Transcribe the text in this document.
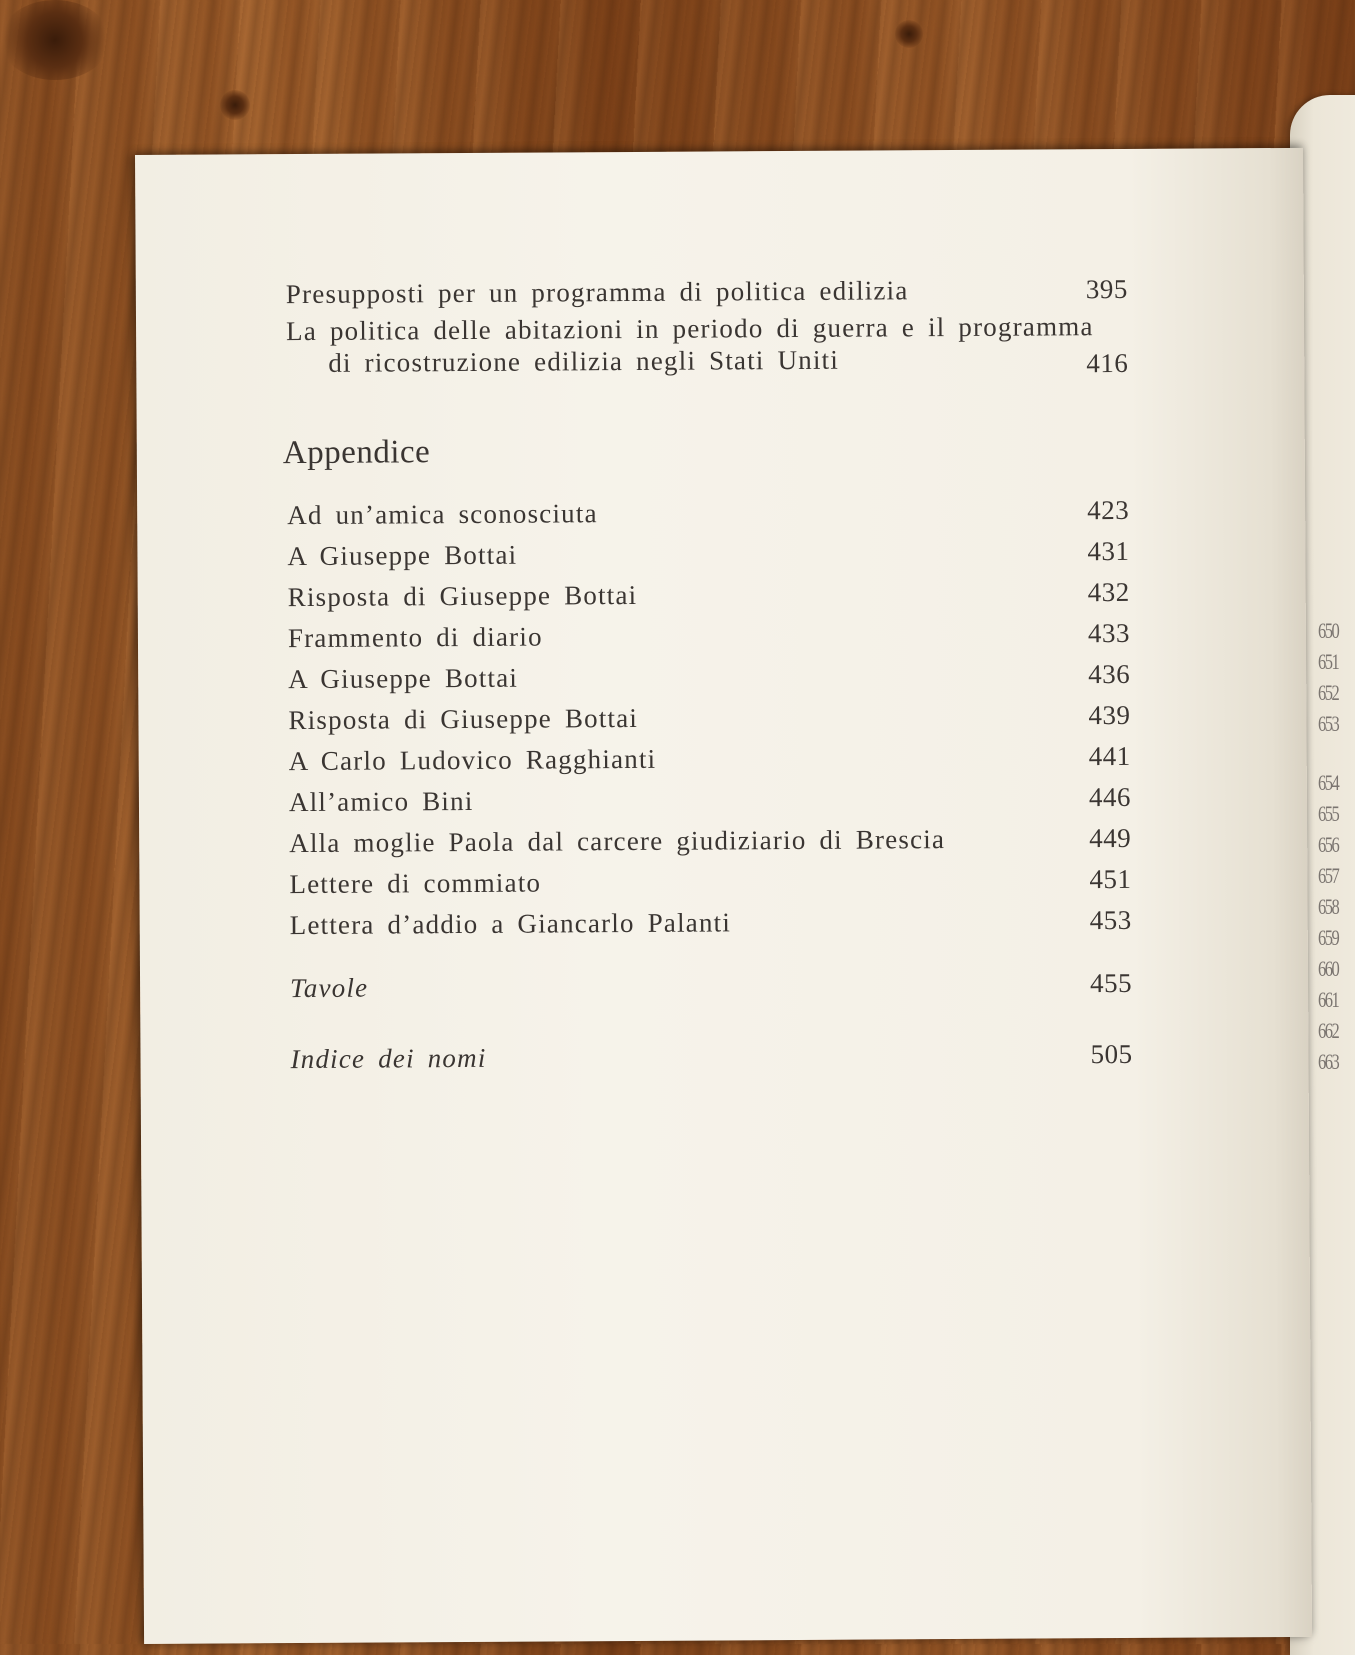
650
651
652
653
654
655
656
657
658
659
660
661
662
663
Presupposti per un programma di politica edilizia	395
La politica delle abitazioni in periodo di guerra e il programma
di ricostruzione edilizia negli Stati Uniti	416
Appendice
Ad un’amica sconosciuta	423
A Giuseppe Bottai	431
Risposta di Giuseppe Bottai	432
Frammento di diario	433
A Giuseppe Bottai	436
Risposta di Giuseppe Bottai	439
A Carlo Ludovico Ragghianti	441
All’amico Bini	446
Alla moglie Paola dal carcere giudiziario di Brescia	449
Lettere di commiato	451
Lettera d’addio a Giancarlo Palanti	453
Tavole	455
Indice dei nomi	505
